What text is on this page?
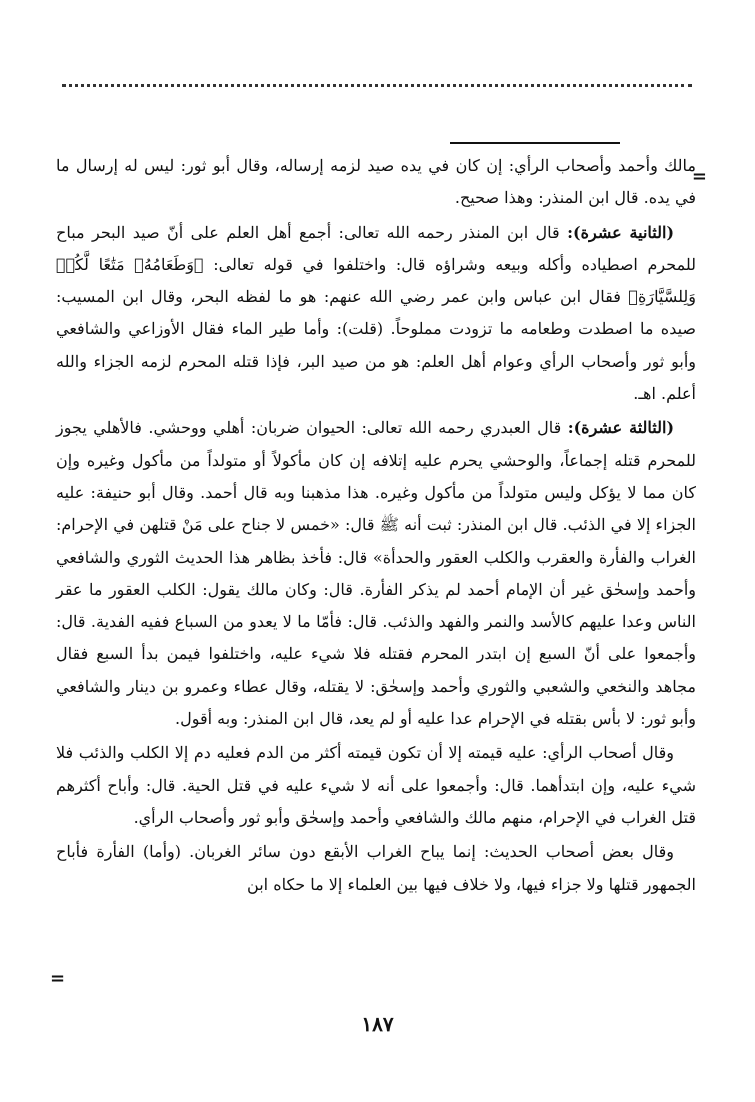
=

مالك وأحمد وأصحاب الرأي: إن كان في يده صيد لزمه إرساله، وقال أبو ثور: ليس له إرسال ما في يده. قال ابن المنذر: وهذا صحيح.

(الثانية عشرة): قال ابن المنذر رحمه الله تعالى: أجمع أهل العلم على أنّ صيد البحر مباح للمحرم اصطياده وأكله وبيعه وشراؤه قال: واختلفوا في قوله تعالى: ﴿وَطَعَامُهُۥ مَتَٰعًا لَّكُمۡ وَلِلسَّيَّارَةِ﴾ فقال ابن عباس وابن عمر رضي الله عنهم: هو ما لفظه البحر، وقال ابن المسيب: صيده ما اصطدت وطعامه ما تزودت مملوحاً. (قلت): وأما طير الماء فقال الأوزاعي والشافعي وأبو ثور وأصحاب الرأي وعوام أهل العلم: هو من صيد البر، فإذا قتله المحرم لزمه الجزاء والله أعلم. اهـ.

(الثالثة عشرة): قال العبدري رحمه الله تعالى: الحيوان ضربان: أهلي ووحشي. فالأهلي يجوز للمحرم قتله إجماعاً، والوحشي يحرم عليه إتلافه إن كان مأكولاً أو متولداً من مأكول وغيره وإن كان مما لا يؤكل وليس متولداً من مأكول وغيره. هذا مذهبنا وبه قال أحمد. وقال أبو حنيفة: عليه الجزاء إلا في الذئب. قال ابن المنذر: ثبت أنه ﷺ قال: «خمس لا جناح على مَنْ قتلهن في الإحرام: الغراب والفأرة والعقرب والكلب العقور والحدأة» قال: فأخذ بظاهر هذا الحديث الثوري والشافعي وأحمد وإسحٰق غير أن الإمام أحمد لم يذكر الفأرة. قال: وكان مالك يقول: الكلب العقور ما عقر الناس وعدا عليهم كالأسد والنمر والفهد والذئب. قال: فأمّا ما لا يعدو من السباع ففيه الفدية. قال: وأجمعوا على أنّ السبع إن ابتدر المحرم فقتله فلا شيء عليه، واختلفوا فيمن بدأ السبع فقال مجاهد والنخعي والشعبي والثوري وأحمد وإسحٰق: لا يقتله، وقال عطاء وعمرو بن دينار والشافعي وأبو ثور: لا بأس بقتله في الإحرام عدا عليه أو لم يعد، قال ابن المنذر: وبه أقول.

وقال أصحاب الرأي: عليه قيمته إلا أن تكون قيمته أكثر من الدم فعليه دم إلا الكلب والذئب فلا شيء عليه، وإن ابتدأهما. قال: وأجمعوا على أنه لا شيء عليه في قتل الحية. قال: وأباح أكثرهم قتل الغراب في الإحرام، منهم مالك والشافعي وأحمد وإسحٰق وأبو ثور وأصحاب الرأي.

وقال بعض أصحاب الحديث: إنما يباح الغراب الأبقع دون سائر الغربان. (وأما) الفأرة فأباح الجمهور قتلها ولا جزاء فيها، ولا خلاف فيها بين العلماء إلا ما حكاه ابن

=
١٨٧
